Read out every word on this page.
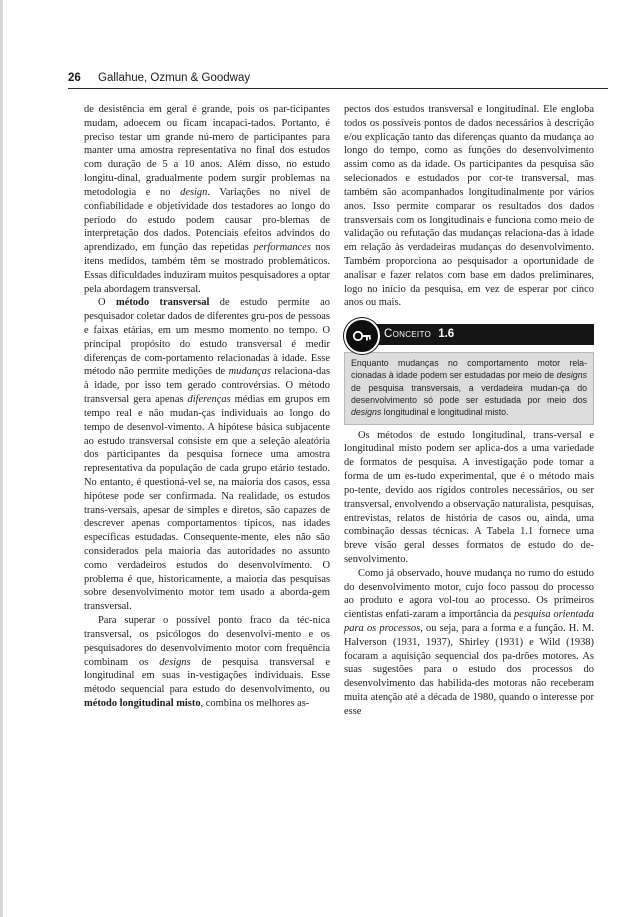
26 Gallahue, Ozmun & Goodway

de desistência em geral é grande, pois os par-ticipantes mudam, adoecem ou ficam incapaci-tados. Portanto, é preciso testar um grande nú-mero de participantes para manter uma amostra representativa no final dos estudos com duração de 5 a 10 anos. Além disso, no estudo longitu-dinal, gradualmente podem surgir problemas na metodologia e no design. Variações no nível de confiabilidade e objetividade dos testadores ao longo do período do estudo podem causar pro-blemas de interpretação dos dados. Potenciais efeitos advindos do aprendizado, em função das repetidas performances nos itens medidos, também têm se mostrado problemáticos. Essas dificuldades induziram muitos pesquisadores a optar pela abordagem transversal.

O método transversal de estudo permite ao pesquisador coletar dados de diferentes gru-pos de pessoas e faixas etárias, em um mesmo momento no tempo. O principal propósito do estudo transversal é medir diferenças de com-portamento relacionadas à idade. Esse método não permite medições de mudanças relaciona-das à idade, por isso tem gerado controvérsias. O método transversal gera apenas diferenças médias em grupos em tempo real e não mudan-ças individuais ao longo do tempo de desenvol-vimento. A hipótese básica subjacente ao estudo transversal consiste em que a seleção aleatória dos participantes da pesquisa fornece uma amostra representativa da população de cada grupo etário testado. No entanto, é questioná-vel se, na maioria dos casos, essa hipótese pode ser confirmada. Na realidade, os estudos trans-versais, apesar de simples e diretos, são capazes de descrever apenas comportamentos típicos, nas idades específicas estudadas. Consequente-mente, eles não são considerados pela maioria das autoridades no assunto como verdadeiros estudos do desenvolvimento. O problema é que, historicamente, a maioria das pesquisas sobre desenvolvimento motor tem usado a aborda-gem transversal.

Para superar o possível ponto fraco da téc-nica transversal, os psicólogos do desenvolvi-mento e os pesquisadores do desenvolvimento motor com frequência combinam os designs de pesquisa transversal e longitudinal em suas in-vestigações individuais. Esse método sequencial para estudo do desenvolvimento, ou método longitudinal misto, combina os melhores as-

pectos dos estudos transversal e longitudinal. Ele engloba todos os possíveis pontos de dados necessários à descrição e/ou explicação tanto das diferenças quanto da mudança ao longo do tempo, como as funções do desenvolvimento assim como as da idade. Os participantes da pesquisa são selecionados e estudados por cor-te transversal, mas também são acompanhados longitudinalmente por vários anos. Isso permite comparar os resultados dos dados transversais com os longitudinais e funciona como meio de validação ou refutação das mudanças relaciona-das à idade em relação às verdadeiras mudanças do desenvolvimento. Também proporciona ao pesquisador a oportunidade de analisar e fazer relatos com base em dados preliminares, logo no início da pesquisa, em vez de esperar por cinco anos ou mais.

Conceito 1.6
Enquanto mudanças no comportamento motor rela-cionadas à idade podem ser estudadas por meio de designs de pesquisa transversais, a verdadeira mudan-ça do desenvolvimento só pode ser estudada por meio dos designs longitudinal e longitudinal misto.

Os métodos de estudo longitudinal, trans-versal e longitudinal misto podem ser aplica-dos a uma variedade de formatos de pesquisa. A investigação pode tomar a forma de um es-tudo experimental, que é o método mais po-tente, devido aos rígidos controles necessários, ou ser transversal, envolvendo a observação naturalista, pesquisas, entrevistas, relatos de história de casos ou, ainda, uma combinação dessas técnicas. A Tabela 1.1 fornece uma breve visão geral desses formatos de estudo do de-senvolvimento.

Como já observado, houve mudança no rumo do estudo do desenvolvimento motor, cujo foco passou do processo ao produto e agora vol-tou ao processo. Os primeiros cientistas enfati-zaram a importância da pesquisa orientada para os processos, ou seja, para a forma e a função. H. M. Halverson (1931, 1937), Shirley (1931) e Wild (1938) focaram a aquisição sequencial dos pa-drões motores. As suas sugestões para o estudo dos processos do desenvolvimento das habilida-des motoras não receberam muita atenção até a década de 1980, quando o interesse por esse
